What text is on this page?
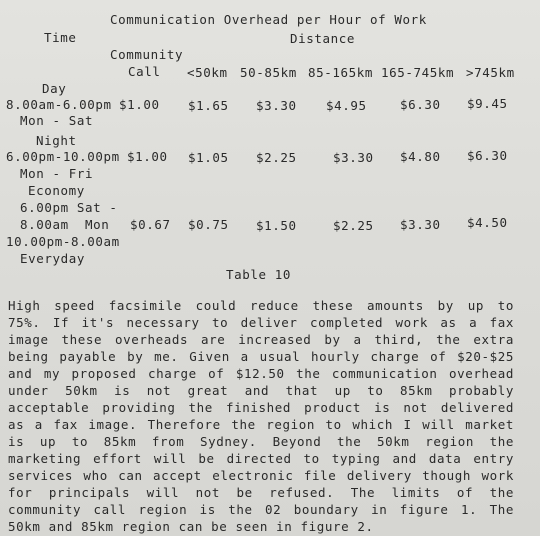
Communication Overhead per Hour of Work
Time	Distance
Community
Call <50km 50-85km 85-165km 165-745km >745km
Day
8.00am-6.00pm
Mon - Sat
$1.00 $1.65 $3.30 $4.95	$6.30 $9.45
Night
6.00pm-10.00pm
Mon - Fri
$1.00 $1.05 $2.25	$3.30 $4.80 $6.30
Economy
6.00pm Sat -
8.00am  Mon
10.00pm-8.00am
Everyday
$0.67 $0.75 $1.50	$2.25 $3.30 $4.50
Table 10
High speed facsimile could reduce these amounts by up to
75%. If it's necessary to deliver completed work as a fax
image these overheads are increased by a third, the extra
being payable by me. Given a usual hourly charge of $20-$25
and my proposed charge of $12.50 the communication overhead
under 50km is not great and that up to 85km probably
acceptable providing the finished product is not delivered
as a fax image. Therefore the region to which I will market
is up to 85km from Sydney. Beyond the 50km region the
marketing effort will be directed to typing and data entry
services who can accept electronic file delivery though work
for principals will not be refused. The limits of the
community call region is the 02 boundary in figure 1. The
50km and 85km region can be seen in figure 2.
